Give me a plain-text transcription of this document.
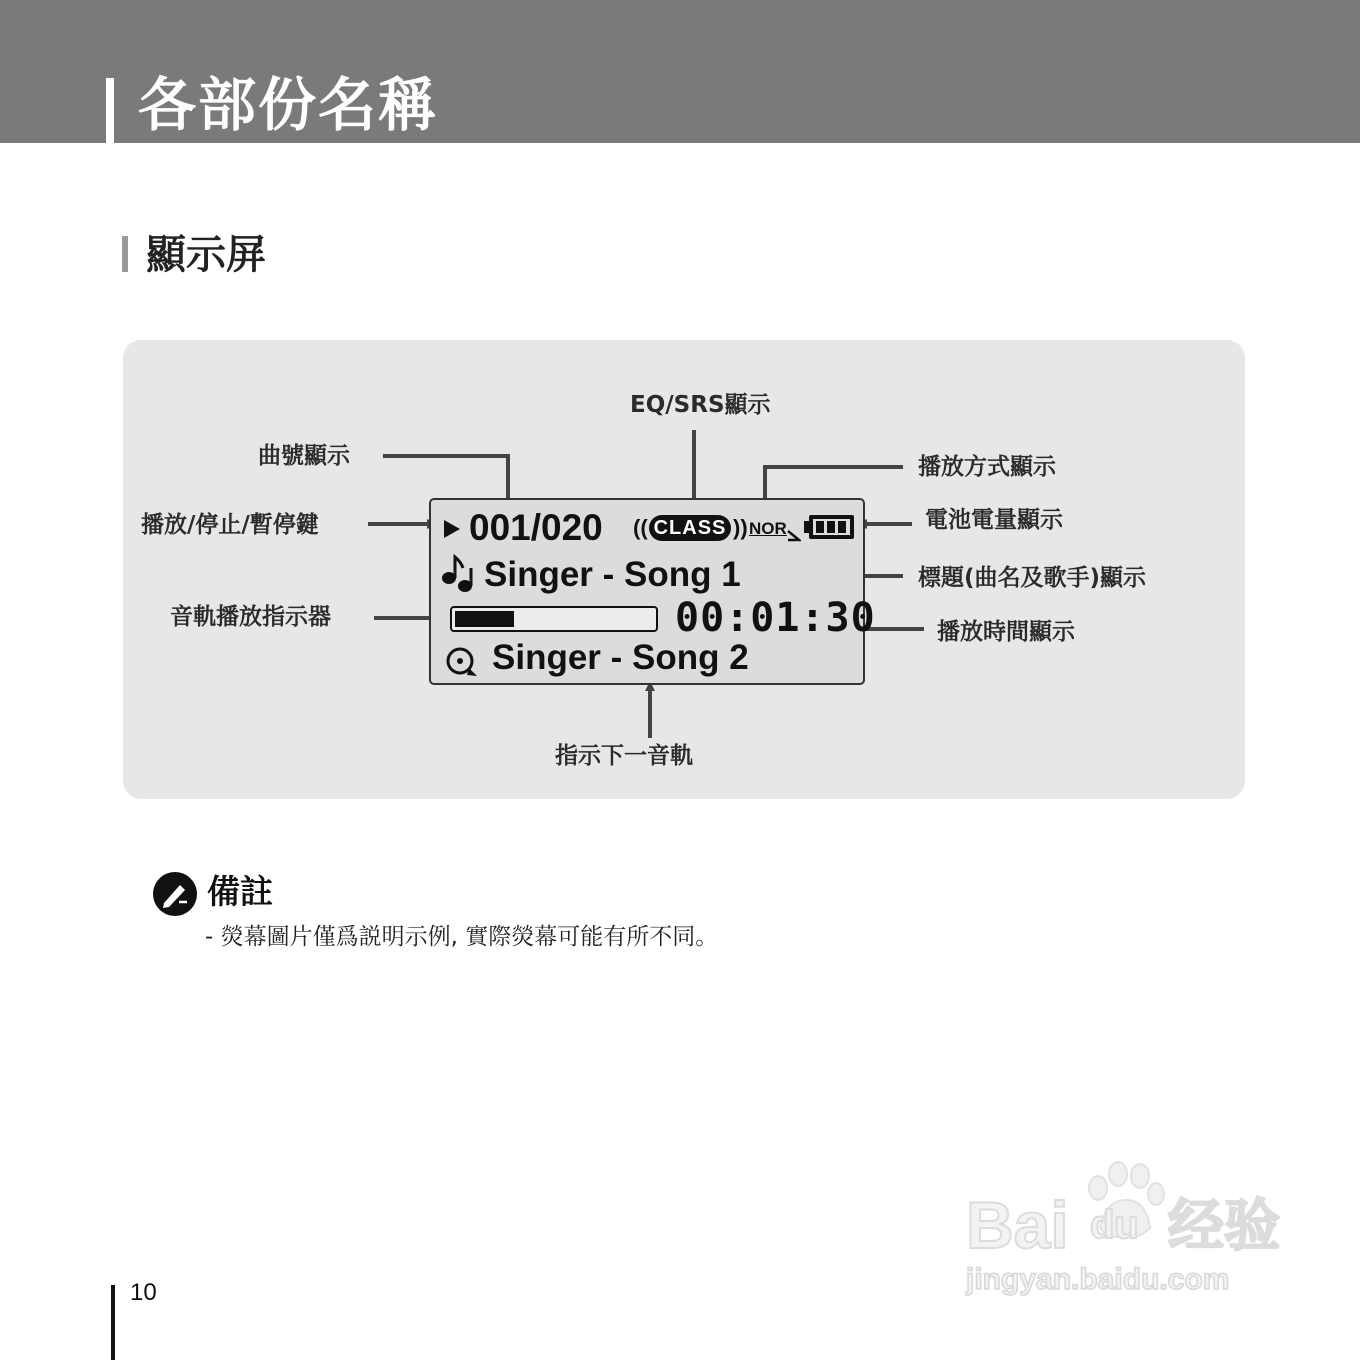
各部份名稱
顯示屏
EQ/SRS顯示
曲號顯示	播放方式顯示
播放/停止/暫停鍵	電池電量顯示
標題(曲名及歌手)顯示
音軌播放指示器
播放時間顯示
指示下一音軌
001/020 (( CLASS )) NOR
Singer - Song 1
00:01:30
Singer - Song 2
備註
- 熒幕圖片僅爲説明示例, 實際熒幕可能有所不同。
10
Bai du 经验
jingyan.baidu.com
